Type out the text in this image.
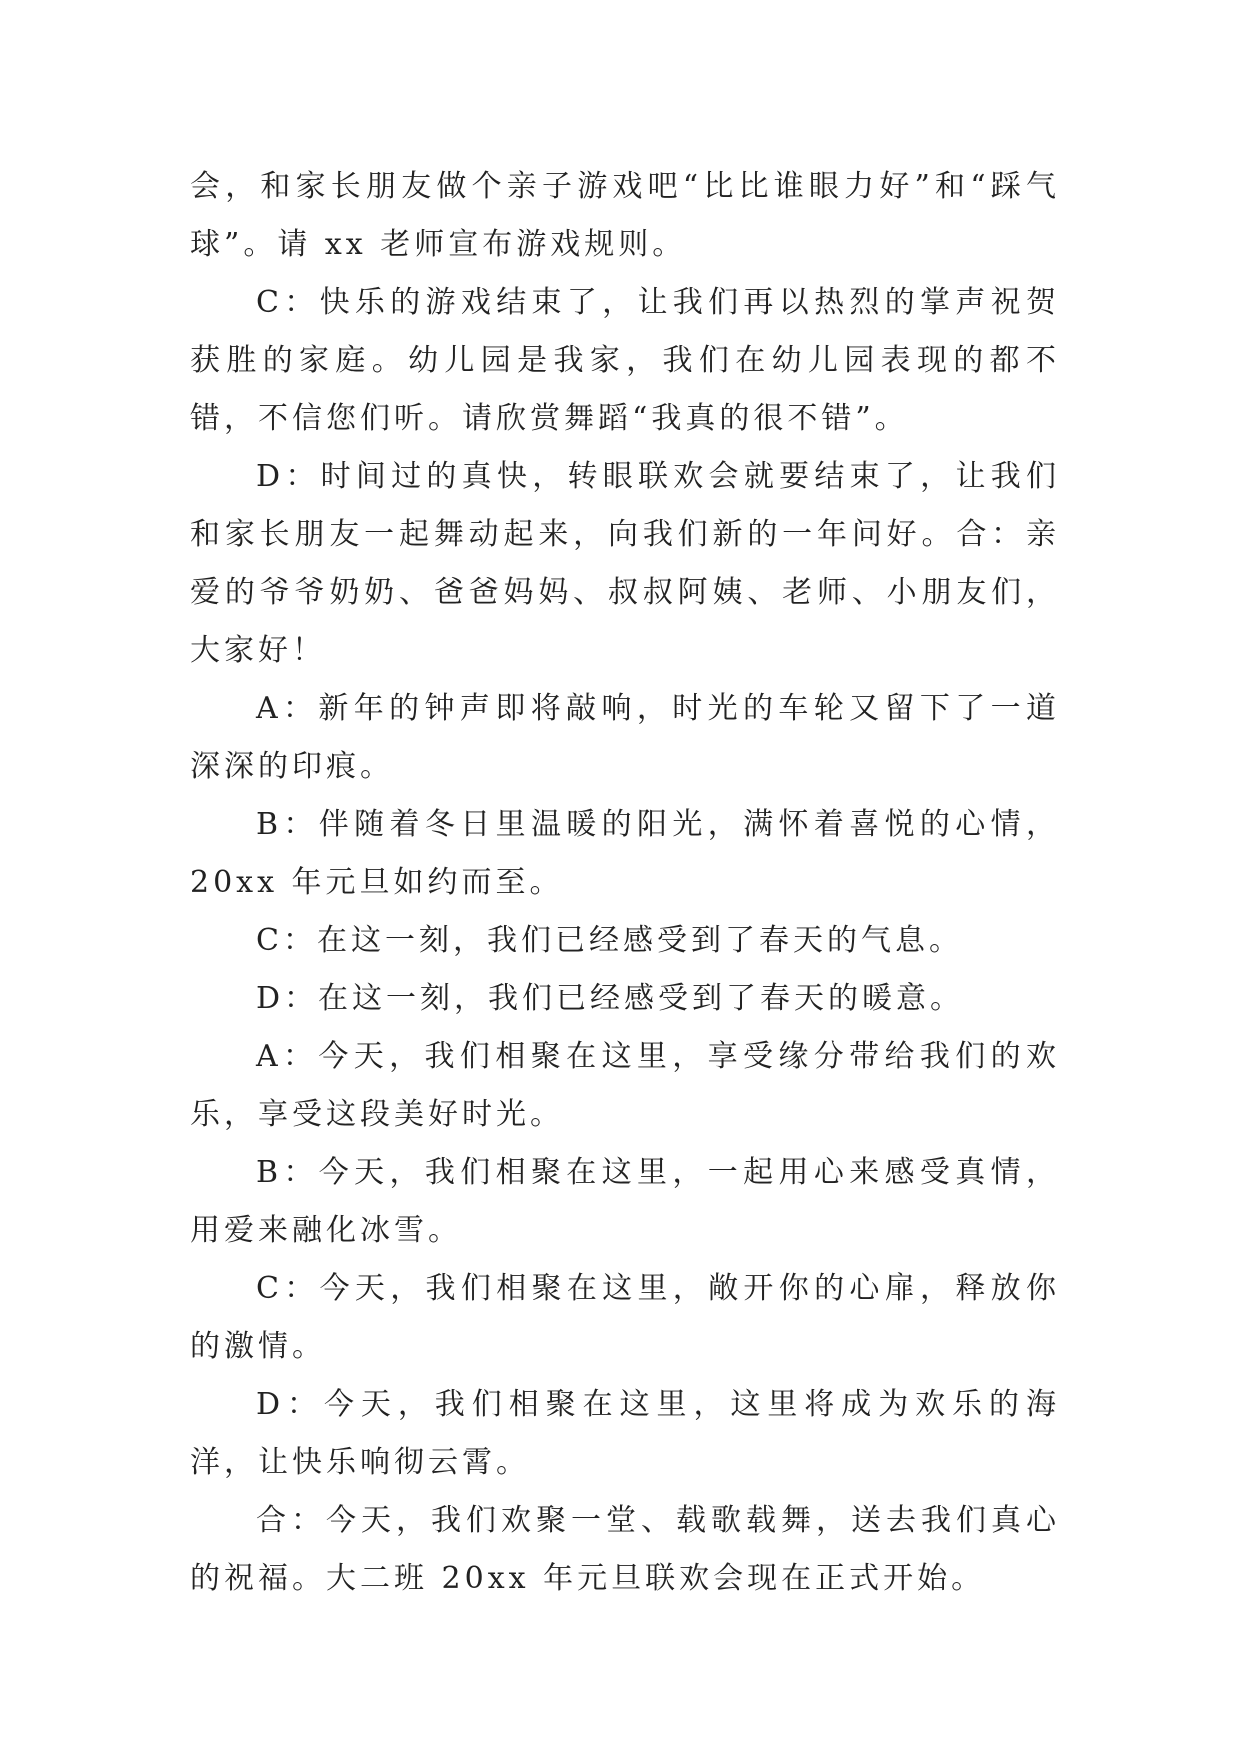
会，和家长朋友做个亲子游戏吧“比比谁眼力好”和“踩气球”。请 xx 老师宣布游戏规则。

C：快乐的游戏结束了，让我们再以热烈的掌声祝贺获胜的家庭。幼儿园是我家，我们在幼儿园表现的都不错，不信您们听。请欣赏舞蹈“我真的很不错”。

D：时间过的真快，转眼联欢会就要结束了，让我们和家长朋友一起舞动起来，向我们新的一年问好。合：亲爱的爷爷奶奶、爸爸妈妈、叔叔阿姨、老师、小朋友们，大家好！

A：新年的钟声即将敲响，时光的车轮又留下了一道深深的印痕。

B：伴随着冬日里温暖的阳光，满怀着喜悦的心情，20xx 年元旦如约而至。

C：在这一刻，我们已经感受到了春天的气息。

D：在这一刻，我们已经感受到了春天的暖意。

A：今天，我们相聚在这里，享受缘分带给我们的欢乐，享受这段美好时光。

B：今天，我们相聚在这里，一起用心来感受真情，用爱来融化冰雪。

C：今天，我们相聚在这里，敞开你的心扉，释放你的激情。

D：今天，我们相聚在这里，这里将成为欢乐的海洋，让快乐响彻云霄。

合：今天，我们欢聚一堂、载歌载舞，送去我们真心的祝福。大二班 20xx 年元旦联欢会现在正式开始。
